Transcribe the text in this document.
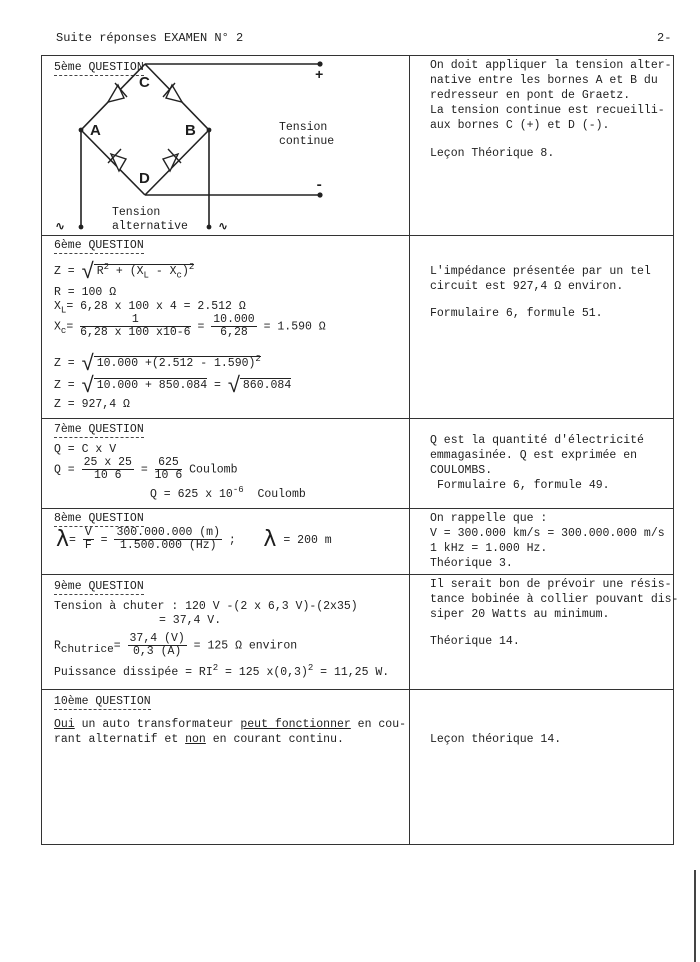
Suite réponses EXAMEN N° 2	2-
5ème QUESTION
C
A	B
D
+
-
Tension
continue
Tension
alternative
∿	∿
On doit appliquer la tension alter-
native entre les bornes A et B du
redresseur en pont de Graetz.
La tension continue est recueilli-
aux bornes C (+) et D (-).
Leçon Théorique 8.
6ème QUESTION
Z = √ $R^2 + (X_L - X_c)^2$
R = 100 Ω
$X_L= 6,28$ x 100 x 4 = 2.512 Ω
$X_c= \frac{1}{6,28 x 100 x10-6} = \frac{10.000}{6,28} = 1.590$ Ω
Z = √ 10.000 +(2.512 - 1.590)$^2$
Z = √ 10.000 + 850.084 = √ 860.084
Z = 927,4 Ω
L'impédance présentée par un tel
circuit est 927,4 Ω environ.
Formulaire 6, formule 51.
7ème QUESTION
Q = C x V
$Q = \frac{25 x 25}{10 6} = \frac{625}{10 6}$ Coulomb
Q = 625 x $10^{-6}$ Coulomb
Q est la quantité d'électricité
emmagasinée. Q est exprimée en
COULOMBS.
Formulaire 6, formule 49.
8ème QUESTION
$\lambda= \frac{V}{F} = \frac{300.000.000 (m)}{1.500.000 (Hz)}$ ; λ = 200 m
On rappelle que :
V = 300.000 km/s = 300.000.000 m/s
1 kHz = 1.000 Hz.
Théorique 3.
9ème QUESTION
Tension à chuter : 120 V -(2 x 6,3 V)-(2x35)
= 37,4 V.
$R_{chutrice}= \frac{37,4 (V)}{0,3 (A)} = 125$ Ω environ
Puissance dissipée = $RI^2 = 125$ $x(0,3)^2 = 11,25$ W.
Il serait bon de prévoir une résis-
tance bobinée à collier pouvant dis-
siper 20 Watts au minimum.
Théorique 14.
10ème QUESTION
Oui un auto transformateur peut fonctionner en cou-
rant alternatif et non en courant continu.	Leçon théorique 14.
